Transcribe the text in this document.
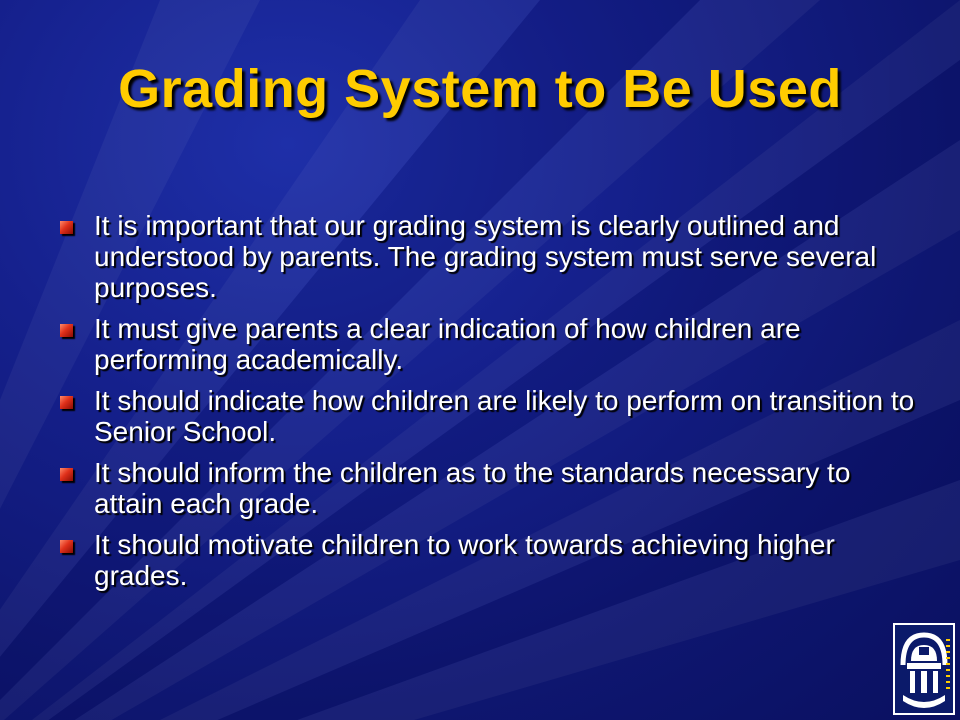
Grading System to Be Used
It is important that our grading system is clearly outlined and understood by parents. The grading system must serve several purposes.
It must give parents a clear indication of how children are performing academically.
It should indicate how children are likely to perform on transition to Senior School.
It should inform the children as to the standards necessary to attain each grade.
It should motivate children to work towards achieving higher grades.
